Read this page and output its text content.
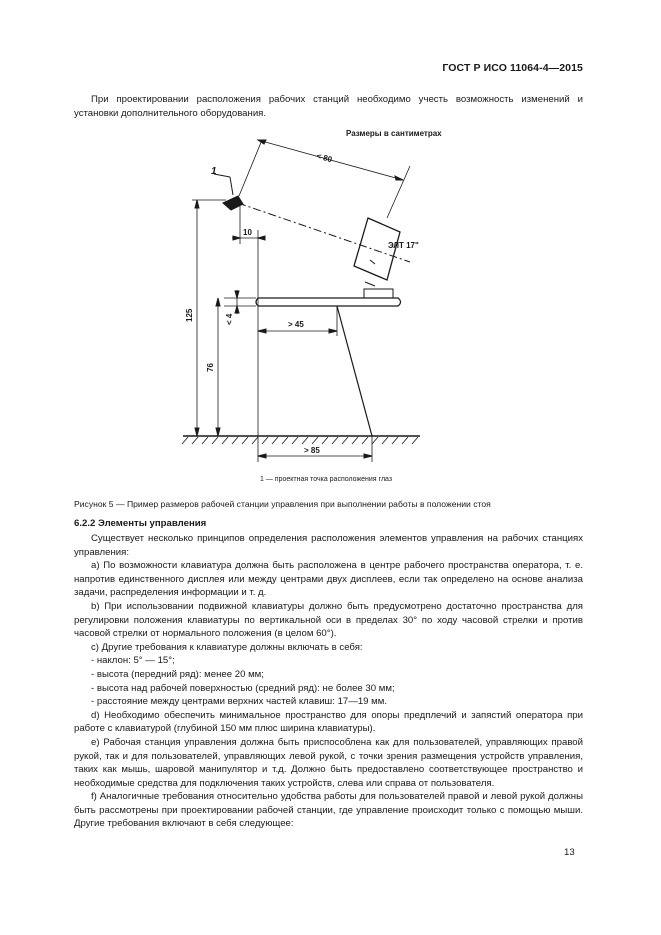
ГОСТ Р ИСО 11064-4—2015
При проектировании расположения рабочих станций необходимо учесть возможность изменений и установки дополнительного оборудования.
Размеры в сантиметрах
1
< 80
10
125	< 4	> 45
76
> 85
ЭЛТ 17"
1 — проектная точка расположения глаз
Рисунок 5 — Пример размеров рабочей станции управления при выполнении работы в положении стоя
6.2.2 Элементы управления

Существует несколько принципов определения расположения элементов управления на рабочих станциях управления:

a) По возможности клавиатура должна быть расположена в центре рабочего пространства оператора, т. е. напротив единственного дисплея или между центрами двух дисплеев, если так определено на основе анализа задачи, распределения информации и т. д.

b) При использовании подвижной клавиатуры должно быть предусмотрено достаточно пространства для регулировки положения клавиатуры по вертикальной оси в пределах 30° по ходу часовой стрелки и против часовой стрелки от нормального положения (в целом 60°).

c) Другие требования к клавиатуре должны включать в себя:

- наклон: 5° — 15°;

- высота (передний ряд): менее 20 мм;

- высота над рабочей поверхностью (средний ряд): не более 30 мм;

- расстояние между центрами верхних частей клавиш: 17—19 мм.

d) Необходимо обеспечить минимальное пространство для опоры предплечий и запястий оператора при работе с клавиатурой (глубиной 150 мм плюс ширина клавиатуры).

e) Рабочая станция управления должна быть приспособлена как для пользователей, управляющих правой рукой, так и для пользователей, управляющих левой рукой, с точки зрения размещения устройств управления, таких как мышь, шаровой манипулятор и т.д. Должно быть предоставлено соответствующее пространство и необходимые средства для подключения таких устройств, слева или справа от пользователя.

f) Аналогичные требования относительно удобства работы для пользователей правой и левой рукой должны быть рассмотрены при проектировании рабочей станции, где управление происходит только с помощью мыши. Другие требования включают в себя следующее:

13
